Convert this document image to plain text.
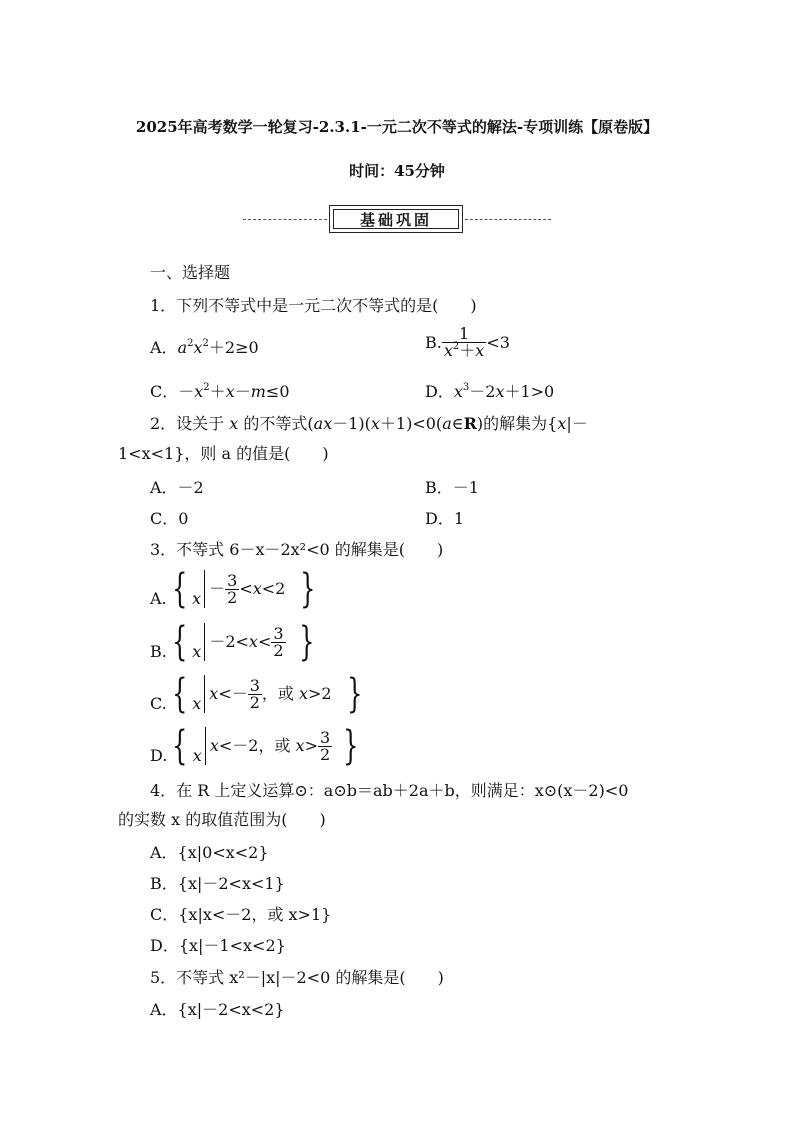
2025年高考数学一轮复习-2.3.1-一元二次不等式的解法-专项训练【原卷版】
时间：45分钟
基础巩固
一、选择题
1．下列不等式中是一元二次不等式的是(　　)
A．$a^2x^2+2\ge 0$	B. $\frac{1}{x^2+x} <3$
C．$-x^2+x-m\le 0$	D．$x^3-2x+1>0$
2．设关于 x 的不等式(ax－1)(x＋1)<0(a∈R)的解集为{x|－
1<x<1}，则 a 的值是(　　)
A．－2	B．－1
C．0	D．1
3．不等式 6－x－2x²<0 的解集是(　　)
A. { x
－ $\frac{3}{2} <x<2$ }
B. { x
$-2<x< \frac{3}{2}$ }
C. { x
$x<- \frac{3}{2}$ ，或 x>2 }
D. { x
x<－2，或 $x> \frac{3}{2}$ }
4．在 R 上定义运算⊙：a⊙b＝ab＋2a＋b，则满足：x⊙(x－2)<0
的实数 x 的取值范围为(　　)
A．{x|0<x<2}
B．{x|－2<x<1}
C．{x|x<－2，或 x>1}
D．{x|－1<x<2}
5．不等式 x²－|x|－2<0 的解集是(　　)
A．{x|－2<x<2}
